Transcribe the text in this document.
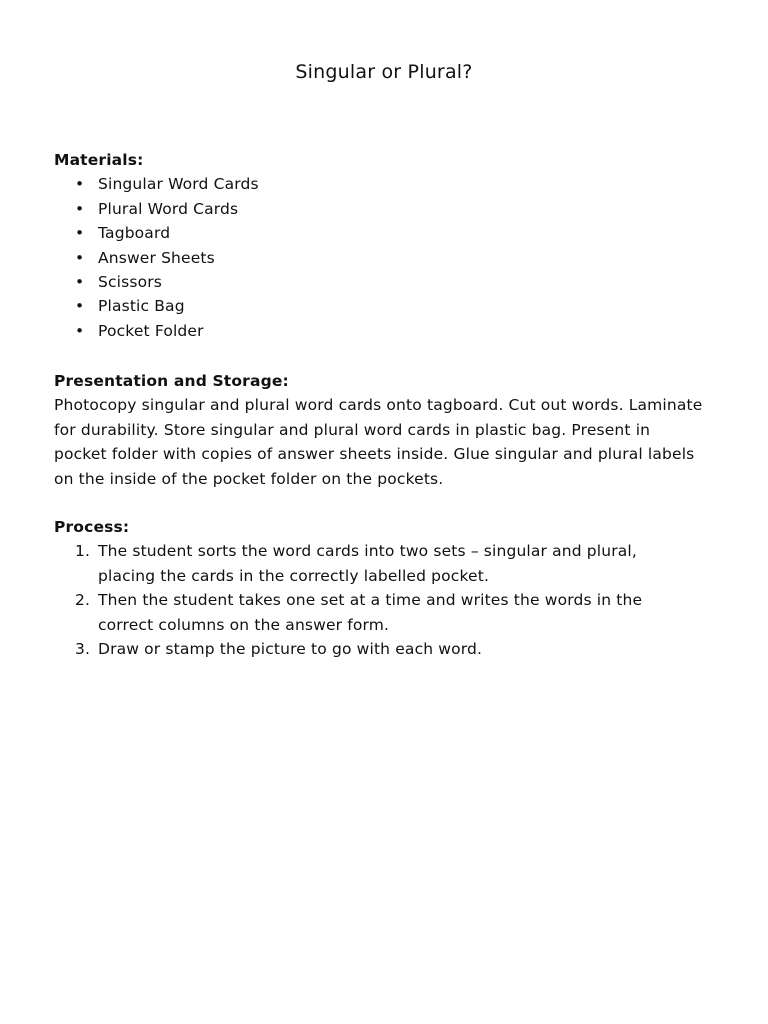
Singular or Plural?
Materials:
• Singular Word Cards
• Plural Word Cards
• Tagboard
• Answer Sheets
• Scissors
• Plastic Bag
• Pocket Folder
Presentation and Storage:

Photocopy singular and plural word cards onto tagboard. Cut out words. Laminate

for durability. Store singular and plural word cards in plastic bag. Present in

pocket folder with copies of answer sheets inside. Glue singular and plural labels

on the inside of the pocket folder on the pockets.

Process:
1. The student sorts the word cards into two sets – singular and plural,
placing the cards in the correctly labelled pocket.
2. Then the student takes one set at a time and writes the words in the
correct columns on the answer form.
3. Draw or stamp the picture to go with each word.
